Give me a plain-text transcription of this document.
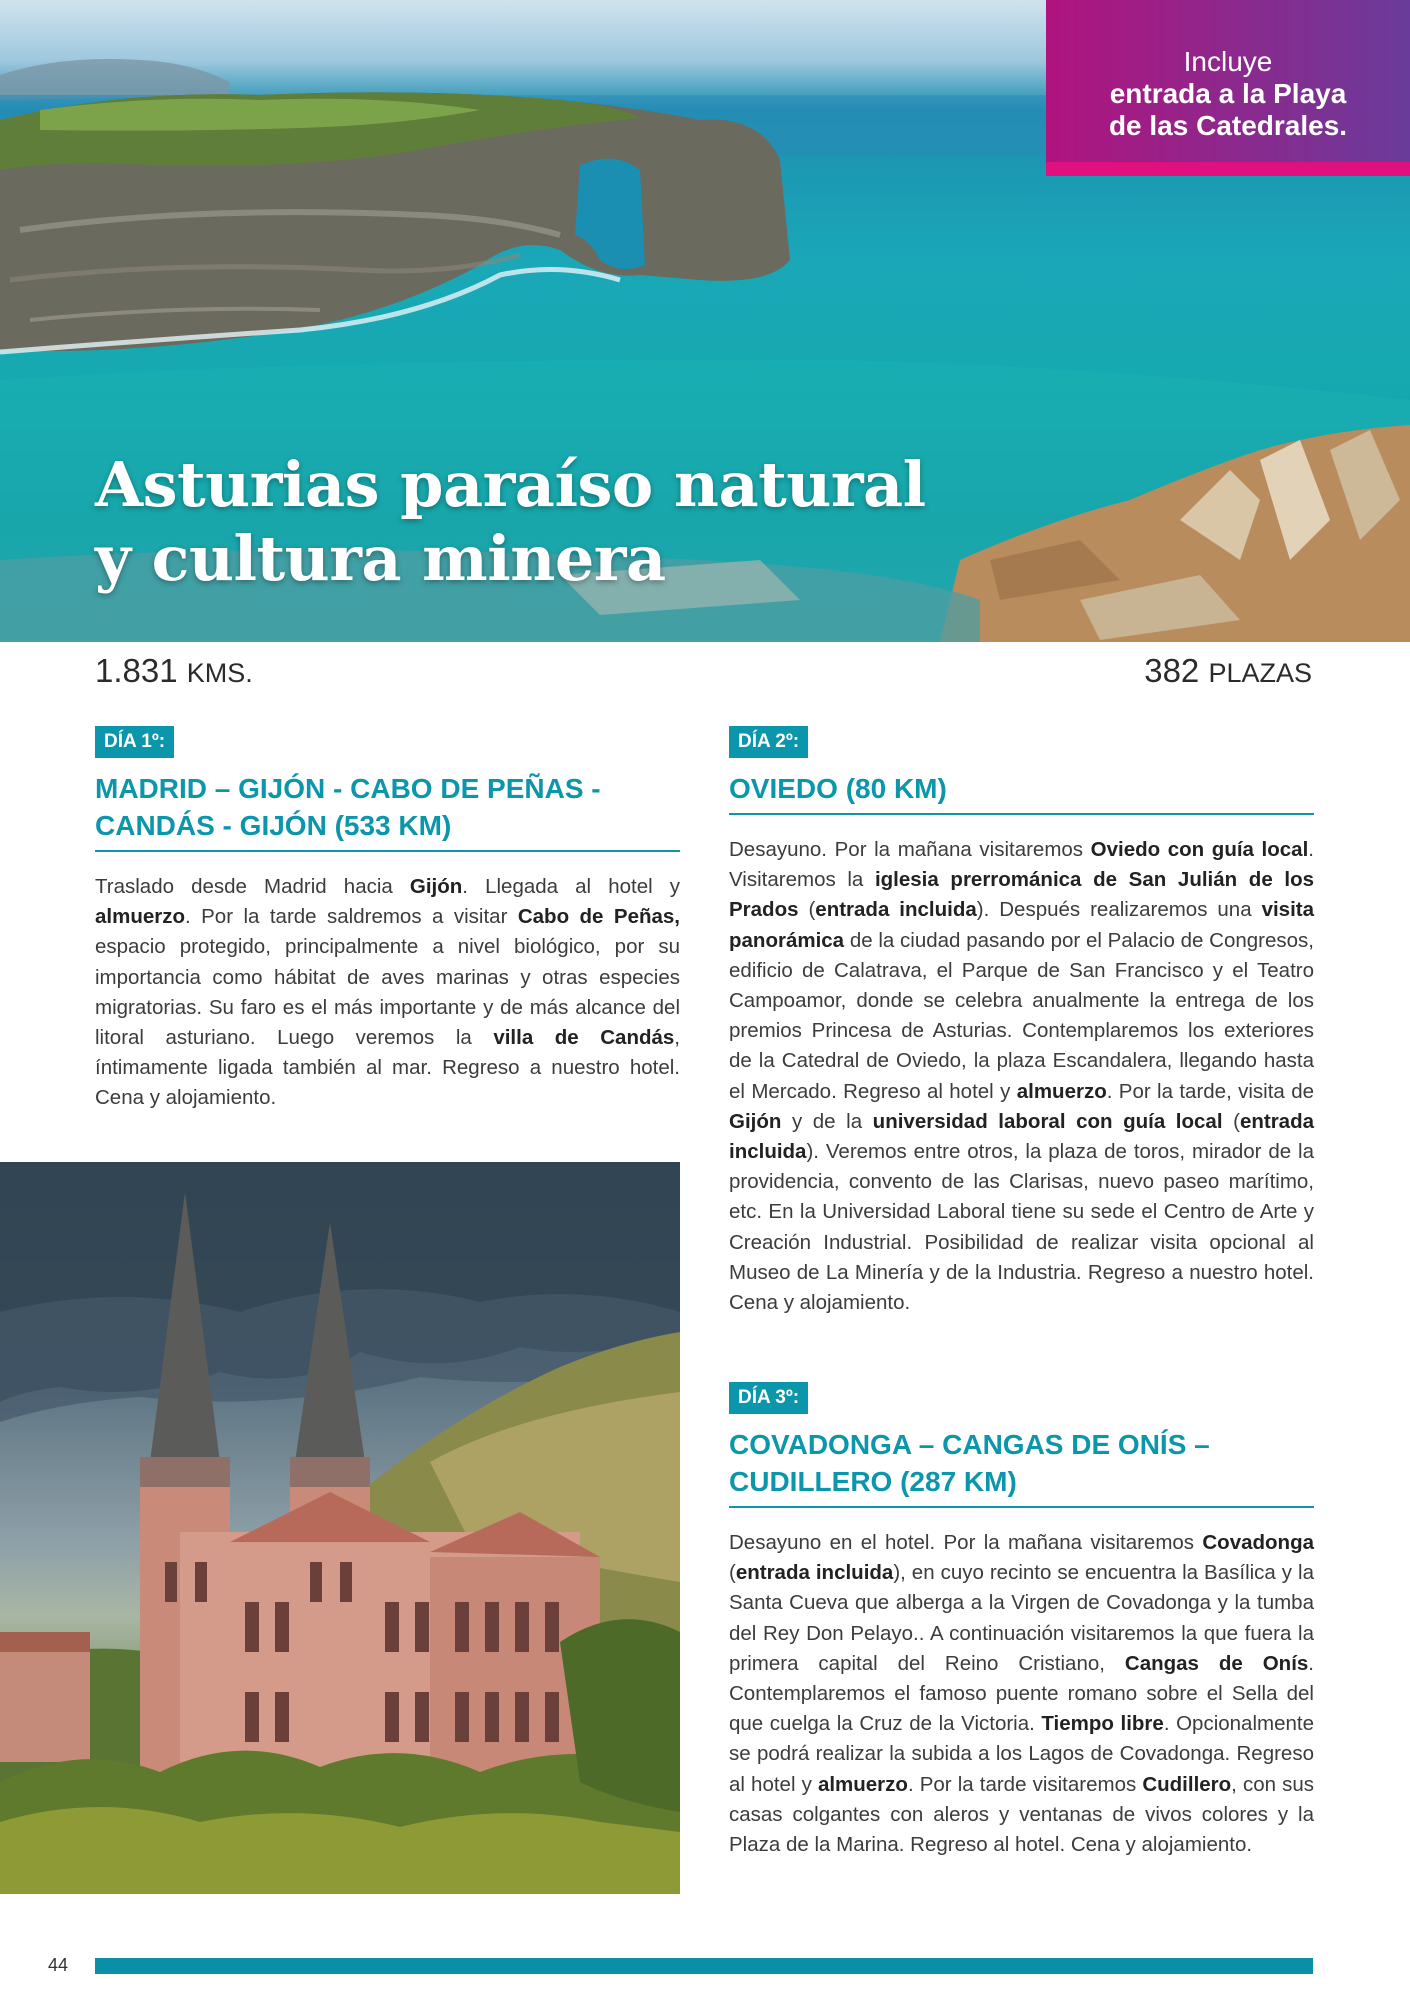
Incluye
entrada a la Playa
de las Catedrales.
Asturias paraíso natural
y cultura minera
1.831 KMS.	382 PLAZAS
DÍA 1º:
MADRID – GIJÓN - CABO DE PEÑAS -
CANDÁS - GIJÓN (533 KM)

Traslado desde Madrid hacia Gijón. Llegada al hotel y almuerzo. Por la tarde saldremos a visitar Cabo de Peñas, espacio protegido, principalmente a nivel biológico, por su importancia como hábitat de aves marinas y otras especies migratorias. Su faro es el más importante y de más alcance del litoral asturiano. Luego veremos la villa de Candás, íntimamente ligada también al mar. Regreso a nuestro hotel. Cena y alojamiento.

DÍA 2º:
OVIEDO (80 KM)

Desayuno. Por la mañana visitaremos Oviedo con guía local. Visitaremos la iglesia prerrománica de San Julián de los Prados (entrada incluida). Después realizaremos una visita panorámica de la ciudad pasando por el Palacio de Congresos, edificio de Calatrava, el Parque de San Francisco y el Teatro Campoamor, donde se celebra anualmente la entrega de los premios Princesa de Asturias. Contemplaremos los exteriores de la Catedral de Oviedo, la plaza Escandalera, llegando hasta el Mercado. Regreso al hotel y almuerzo. Por la tarde, visita de Gijón y de la universidad laboral con guía local (entrada incluida). Veremos entre otros, la plaza de toros, mirador de la providencia, convento de las Clarisas, nuevo paseo marítimo, etc. En la Universidad Laboral tiene su sede el Centro de Arte y Creación Industrial. Posibilidad de realizar visita opcional al Museo de La Minería y de la Industria. Regreso a nuestro hotel. Cena y alojamiento.

DÍA 3º:
COVADONGA – CANGAS DE ONÍS –
CUDILLERO (287 KM)

Desayuno en el hotel. Por la mañana visitaremos Covadonga (entrada incluida), en cuyo recinto se encuentra la Basílica y la Santa Cueva que alberga a la Virgen de Covadonga y la tumba del Rey Don Pelayo.. A continuación visitaremos la que fuera la primera capital del Reino Cristiano, Cangas de Onís. Contemplaremos el famoso puente romano sobre el Sella del que cuelga la Cruz de la Victoria. Tiempo libre. Opcionalmente se podrá realizar la subida a los Lagos de Covadonga. Regreso al hotel y almuerzo. Por la tarde visitaremos Cudillero, con sus casas colgantes con aleros y ventanas de vivos colores y la Plaza de la Marina. Regreso al hotel. Cena y alojamiento.

44
